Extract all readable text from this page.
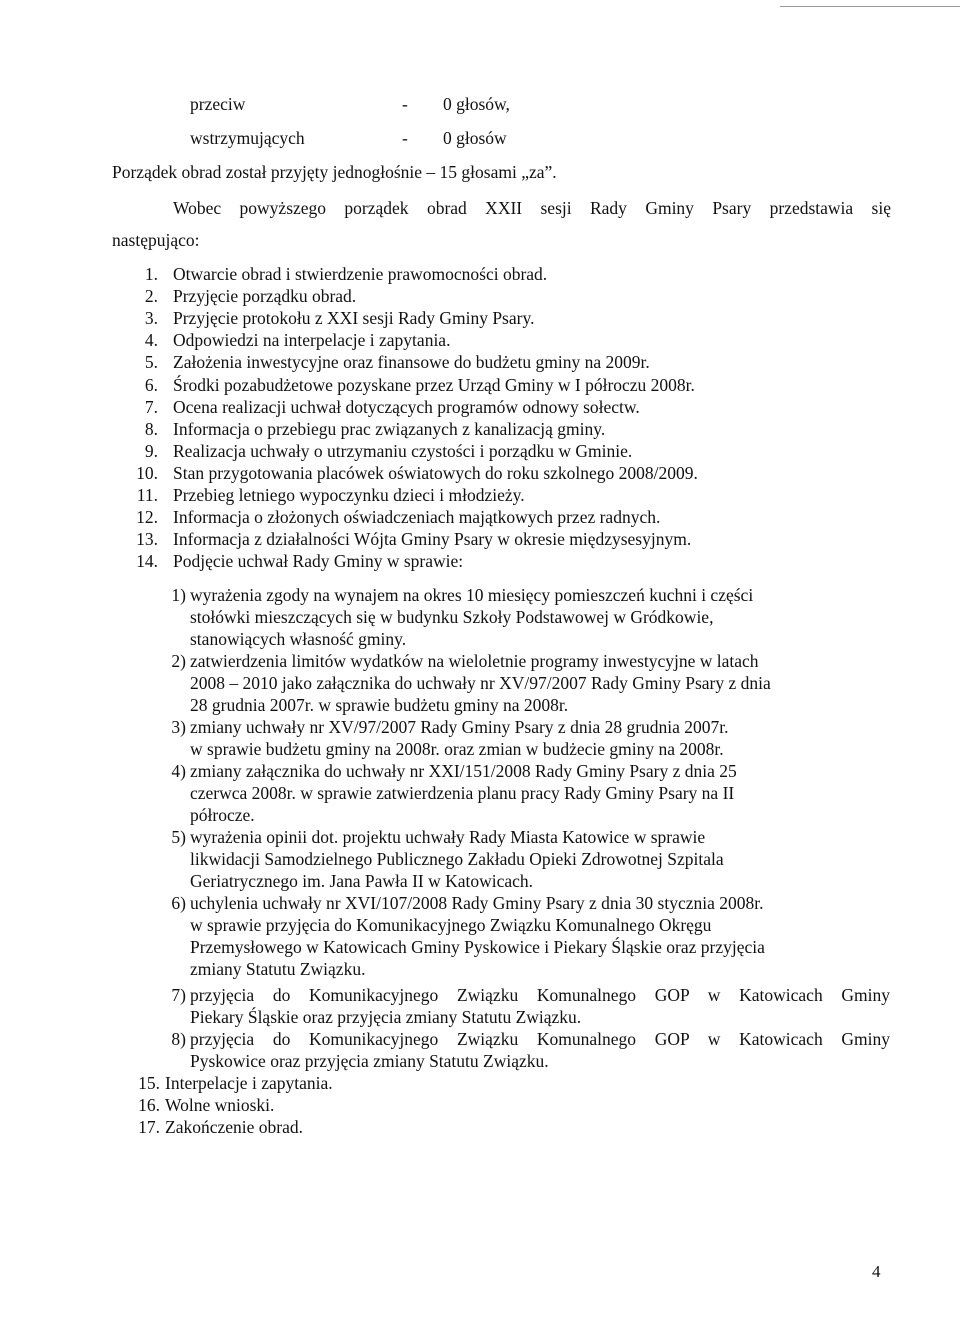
przeciw	- 0 głosów,
wstrzymujących	- 0 głosów
Porządek obrad został przyjęty jednogłośnie – 15 głosami „za”.
Wobec powyższego porządek obrad XXII sesji Rady Gminy Psary przedstawia się
następująco:
1. Otwarcie obrad i stwierdzenie prawomocności obrad.
2. Przyjęcie porządku obrad.
3. Przyjęcie protokołu z XXI sesji Rady Gminy Psary.
4. Odpowiedzi na interpelacje i zapytania.
5. Założenia inwestycyjne oraz finansowe do budżetu gminy na 2009r.
6. Środki pozabudżetowe pozyskane przez Urząd Gminy w I półroczu 2008r.
7. Ocena realizacji uchwał dotyczących programów odnowy sołectw.
8. Informacja o przebiegu prac związanych z kanalizacją gminy.
9. Realizacja uchwały o utrzymaniu czystości i porządku w Gminie.
10. Stan przygotowania placówek oświatowych do roku szkolnego 2008/2009.
11. Przebieg letniego wypoczynku dzieci i młodzieży.
12. Informacja o złożonych oświadczeniach majątkowych przez radnych.
13. Informacja z działalności Wójta Gminy Psary w okresie międzysesyjnym.
14. Podjęcie uchwał Rady Gminy w sprawie:
1) wyrażenia zgody na wynajem na okres 10 miesięcy pomieszczeń kuchni i części
stołówki mieszczących się w budynku Szkoły Podstawowej w Gródkowie,
stanowiących własność gminy.
2) zatwierdzenia limitów wydatków na wieloletnie programy inwestycyjne w latach
2008 – 2010 jako załącznika do uchwały nr XV/97/2007 Rady Gminy Psary z dnia
28 grudnia 2007r. w sprawie budżetu gminy na 2008r.
3) zmiany uchwały nr XV/97/2007 Rady Gminy Psary z dnia 28 grudnia 2007r.
w sprawie budżetu gminy na 2008r. oraz zmian w budżecie gminy na 2008r.
4) zmiany załącznika do uchwały nr XXI/151/2008 Rady Gminy Psary z dnia 25
czerwca 2008r. w sprawie zatwierdzenia planu pracy Rady Gminy Psary na II
półrocze.
5) wyrażenia opinii dot. projektu uchwały Rady Miasta Katowice w sprawie
likwidacji Samodzielnego Publicznego Zakładu Opieki Zdrowotnej Szpitala
Geriatrycznego im. Jana Pawła II w Katowicach.
6) uchylenia uchwały nr XVI/107/2008 Rady Gminy Psary z dnia 30 stycznia 2008r.
w sprawie przyjęcia do Komunikacyjnego Związku Komunalnego Okręgu
Przemysłowego w Katowicach Gminy Pyskowice i Piekary Śląskie oraz przyjęcia
zmiany Statutu Związku.
7) przyjęcia do Komunikacyjnego Związku Komunalnego GOP w Katowicach Gminy
Piekary Śląskie oraz przyjęcia zmiany Statutu Związku.
8) przyjęcia do Komunikacyjnego Związku Komunalnego GOP w Katowicach Gminy
Pyskowice oraz przyjęcia zmiany Statutu Związku.
15. Interpelacje i zapytania.
16. Wolne wnioski.
17. Zakończenie obrad.
4
